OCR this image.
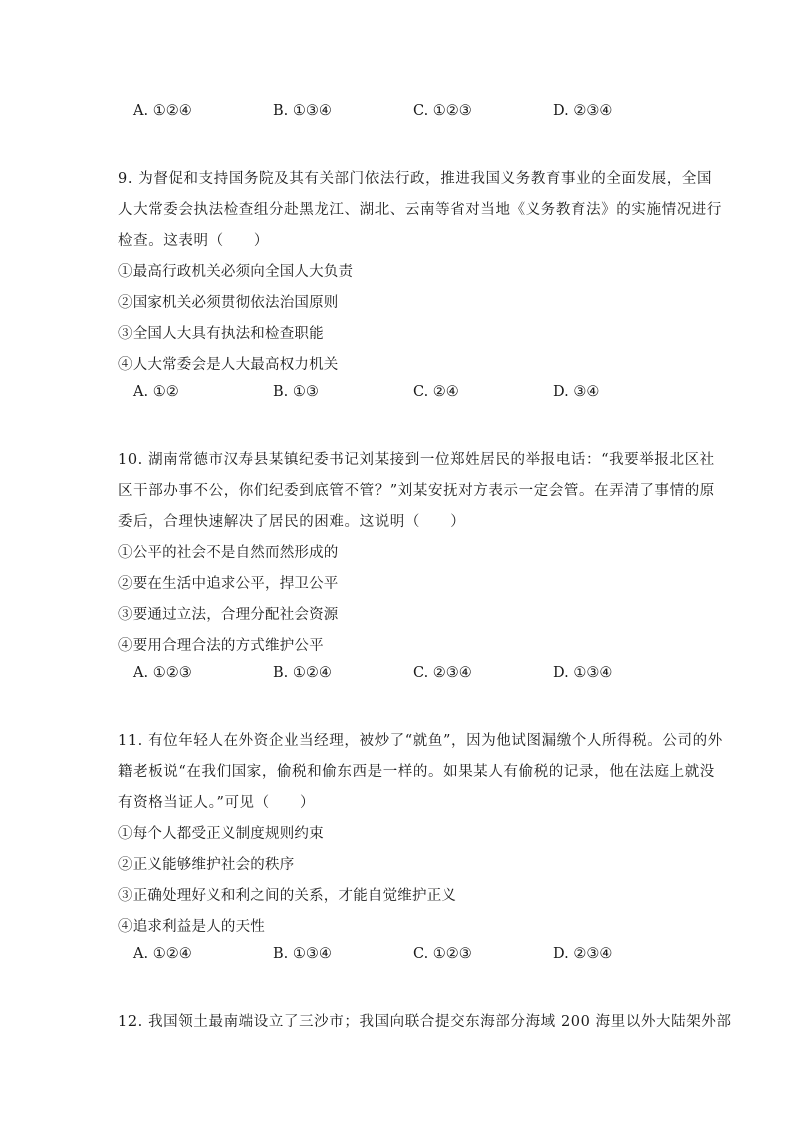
A. ①②④	B. ①③④	C. ①②③	D. ②③④
9. 为督促和支持国务院及其有关部门依法行政，推进我国义务教育事业的全面发展，全国
人大常委会执法检查组分赴黑龙江、湖北、云南等省对当地《义务教育法》的实施情况进行
检查。这表明（　　）
①最高行政机关必须向全国人大负责
②国家机关必须贯彻依法治国原则
③全国人大具有执法和检查职能
④人大常委会是人大最高权力机关
A. ①②	B. ①③	C. ②④	D. ③④
10. 湖南常德市汉寿县某镇纪委书记刘某接到一位郑姓居民的举报电话：“我要举报北区社
区干部办事不公，你们纪委到底管不管？”刘某安抚对方表示一定会管。在弄清了事情的原
委后，合理快速解决了居民的困难。这说明（　　）
①公平的社会不是自然而然形成的
②要在生活中追求公平，捍卫公平
③要通过立法，合理分配社会资源
④要用合理合法的方式维护公平
A. ①②③	B. ①②④	C. ②③④	D. ①③④
11. 有位年轻人在外资企业当经理，被炒了“就鱼”，因为他试图漏缴个人所得税。公司的外
籍老板说“在我们国家，偷税和偷东西是一样的。如果某人有偷税的记录，他在法庭上就没
有资格当证人。”可见（　　）
①每个人都受正义制度规则约束
②正义能够维护社会的秩序
③正确处理好义和利之间的关系，才能自觉维护正义
④追求利益是人的天性
A. ①②④	B. ①③④	C. ①②③	D. ②③④
12. 我国领土最南端设立了三沙市；我国向联合提交东海部分海域 200 海里以外大陆架外部
